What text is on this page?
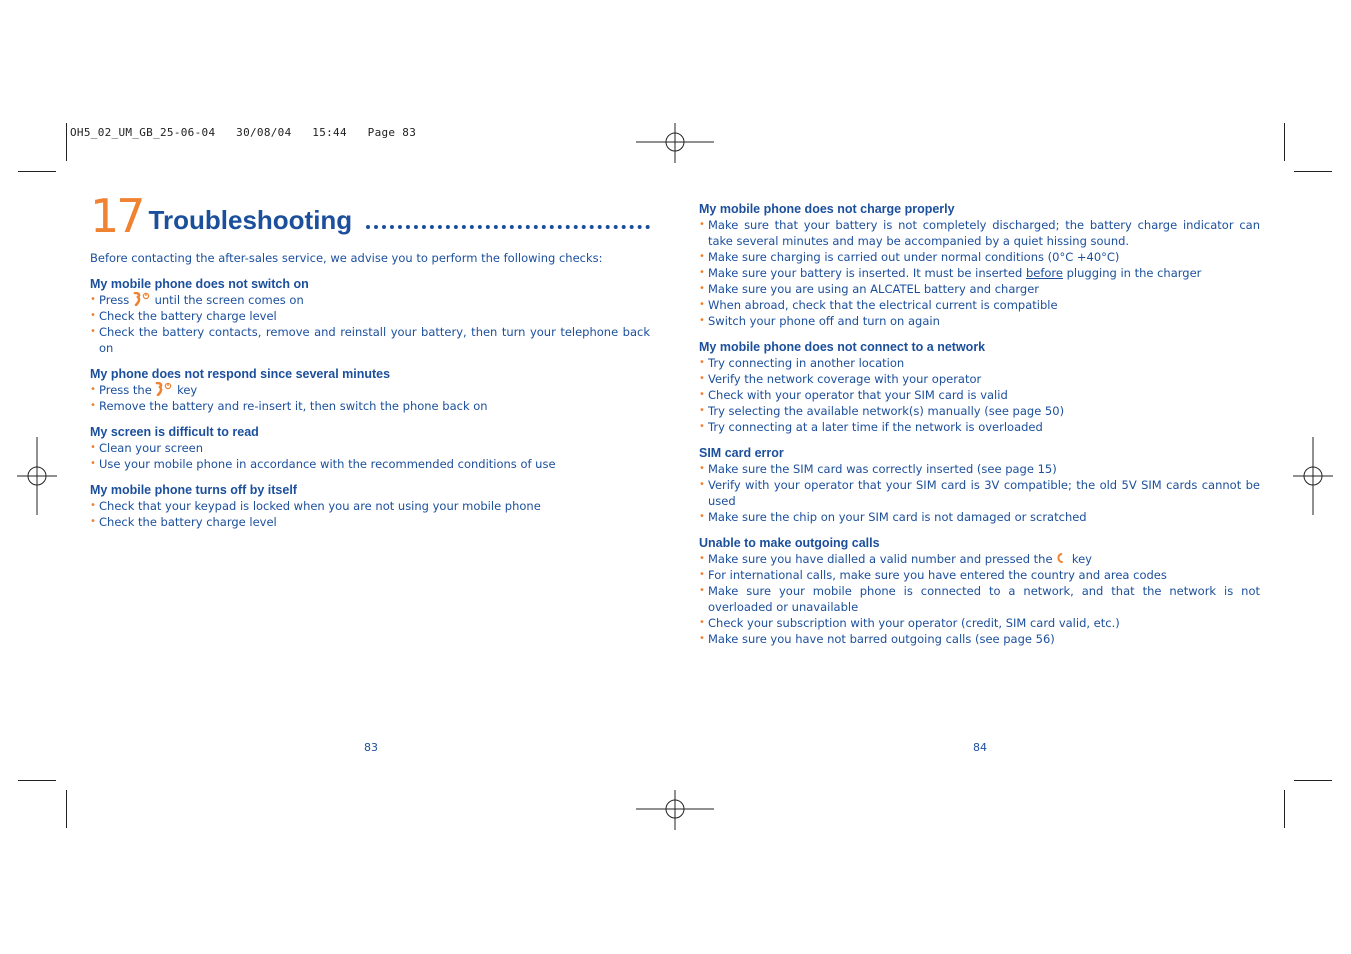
OH5_02_UM_GB_25-06-04   30/08/04   15:44   Page 83
17 Troubleshooting
Before contacting the after-sales service, we advise you to perform the following checks:
My mobile phone does not switch on
• Press until the screen comes on
• Check the battery charge level
• Check the battery contacts, remove and reinstall your battery, then turn your telephone back on
My phone does not respond since several minutes
• Press the key
• Remove the battery and re-insert it, then switch the phone back on
My screen is difficult to read
• Clean your screen
• Use your mobile phone in accordance with the recommended conditions of use
My mobile phone turns off by itself
• Check that your keypad is locked when you are not using your mobile phone
• Check the battery charge level
83
My mobile phone does not charge properly
• Make sure that your battery is not completely discharged; the battery charge indicator can take several minutes and may be accompanied by a quiet hissing sound.
• Make sure charging is carried out under normal conditions (0°C +40°C)
• Make sure your battery is inserted. It must be inserted before plugging in the charger
• Make sure you are using an ALCATEL battery and charger
• When abroad, check that the electrical current is compatible
• Switch your phone off and turn on again
My mobile phone does not connect to a network
• Try connecting in another location
• Verify the network coverage with your operator
• Check with your operator that your SIM card is valid
• Try selecting the available network(s) manually (see page 50)
• Try connecting at a later time if the network is overloaded
SIM card error
• Make sure the SIM card was correctly inserted (see page 15)
• Verify with your operator that your SIM card is 3V compatible; the old 5V SIM cards cannot be used
• Make sure the chip on your SIM card is not damaged or scratched
Unable to make outgoing calls
• Make sure you have dialled a valid number and pressed the key
• For international calls, make sure you have entered the country and area codes
• Make sure your mobile phone is connected to a network, and that the network is not overloaded or unavailable
• Check your subscription with your operator (credit, SIM card valid, etc.)
• Make sure you have not barred outgoing calls (see page 56)
84
